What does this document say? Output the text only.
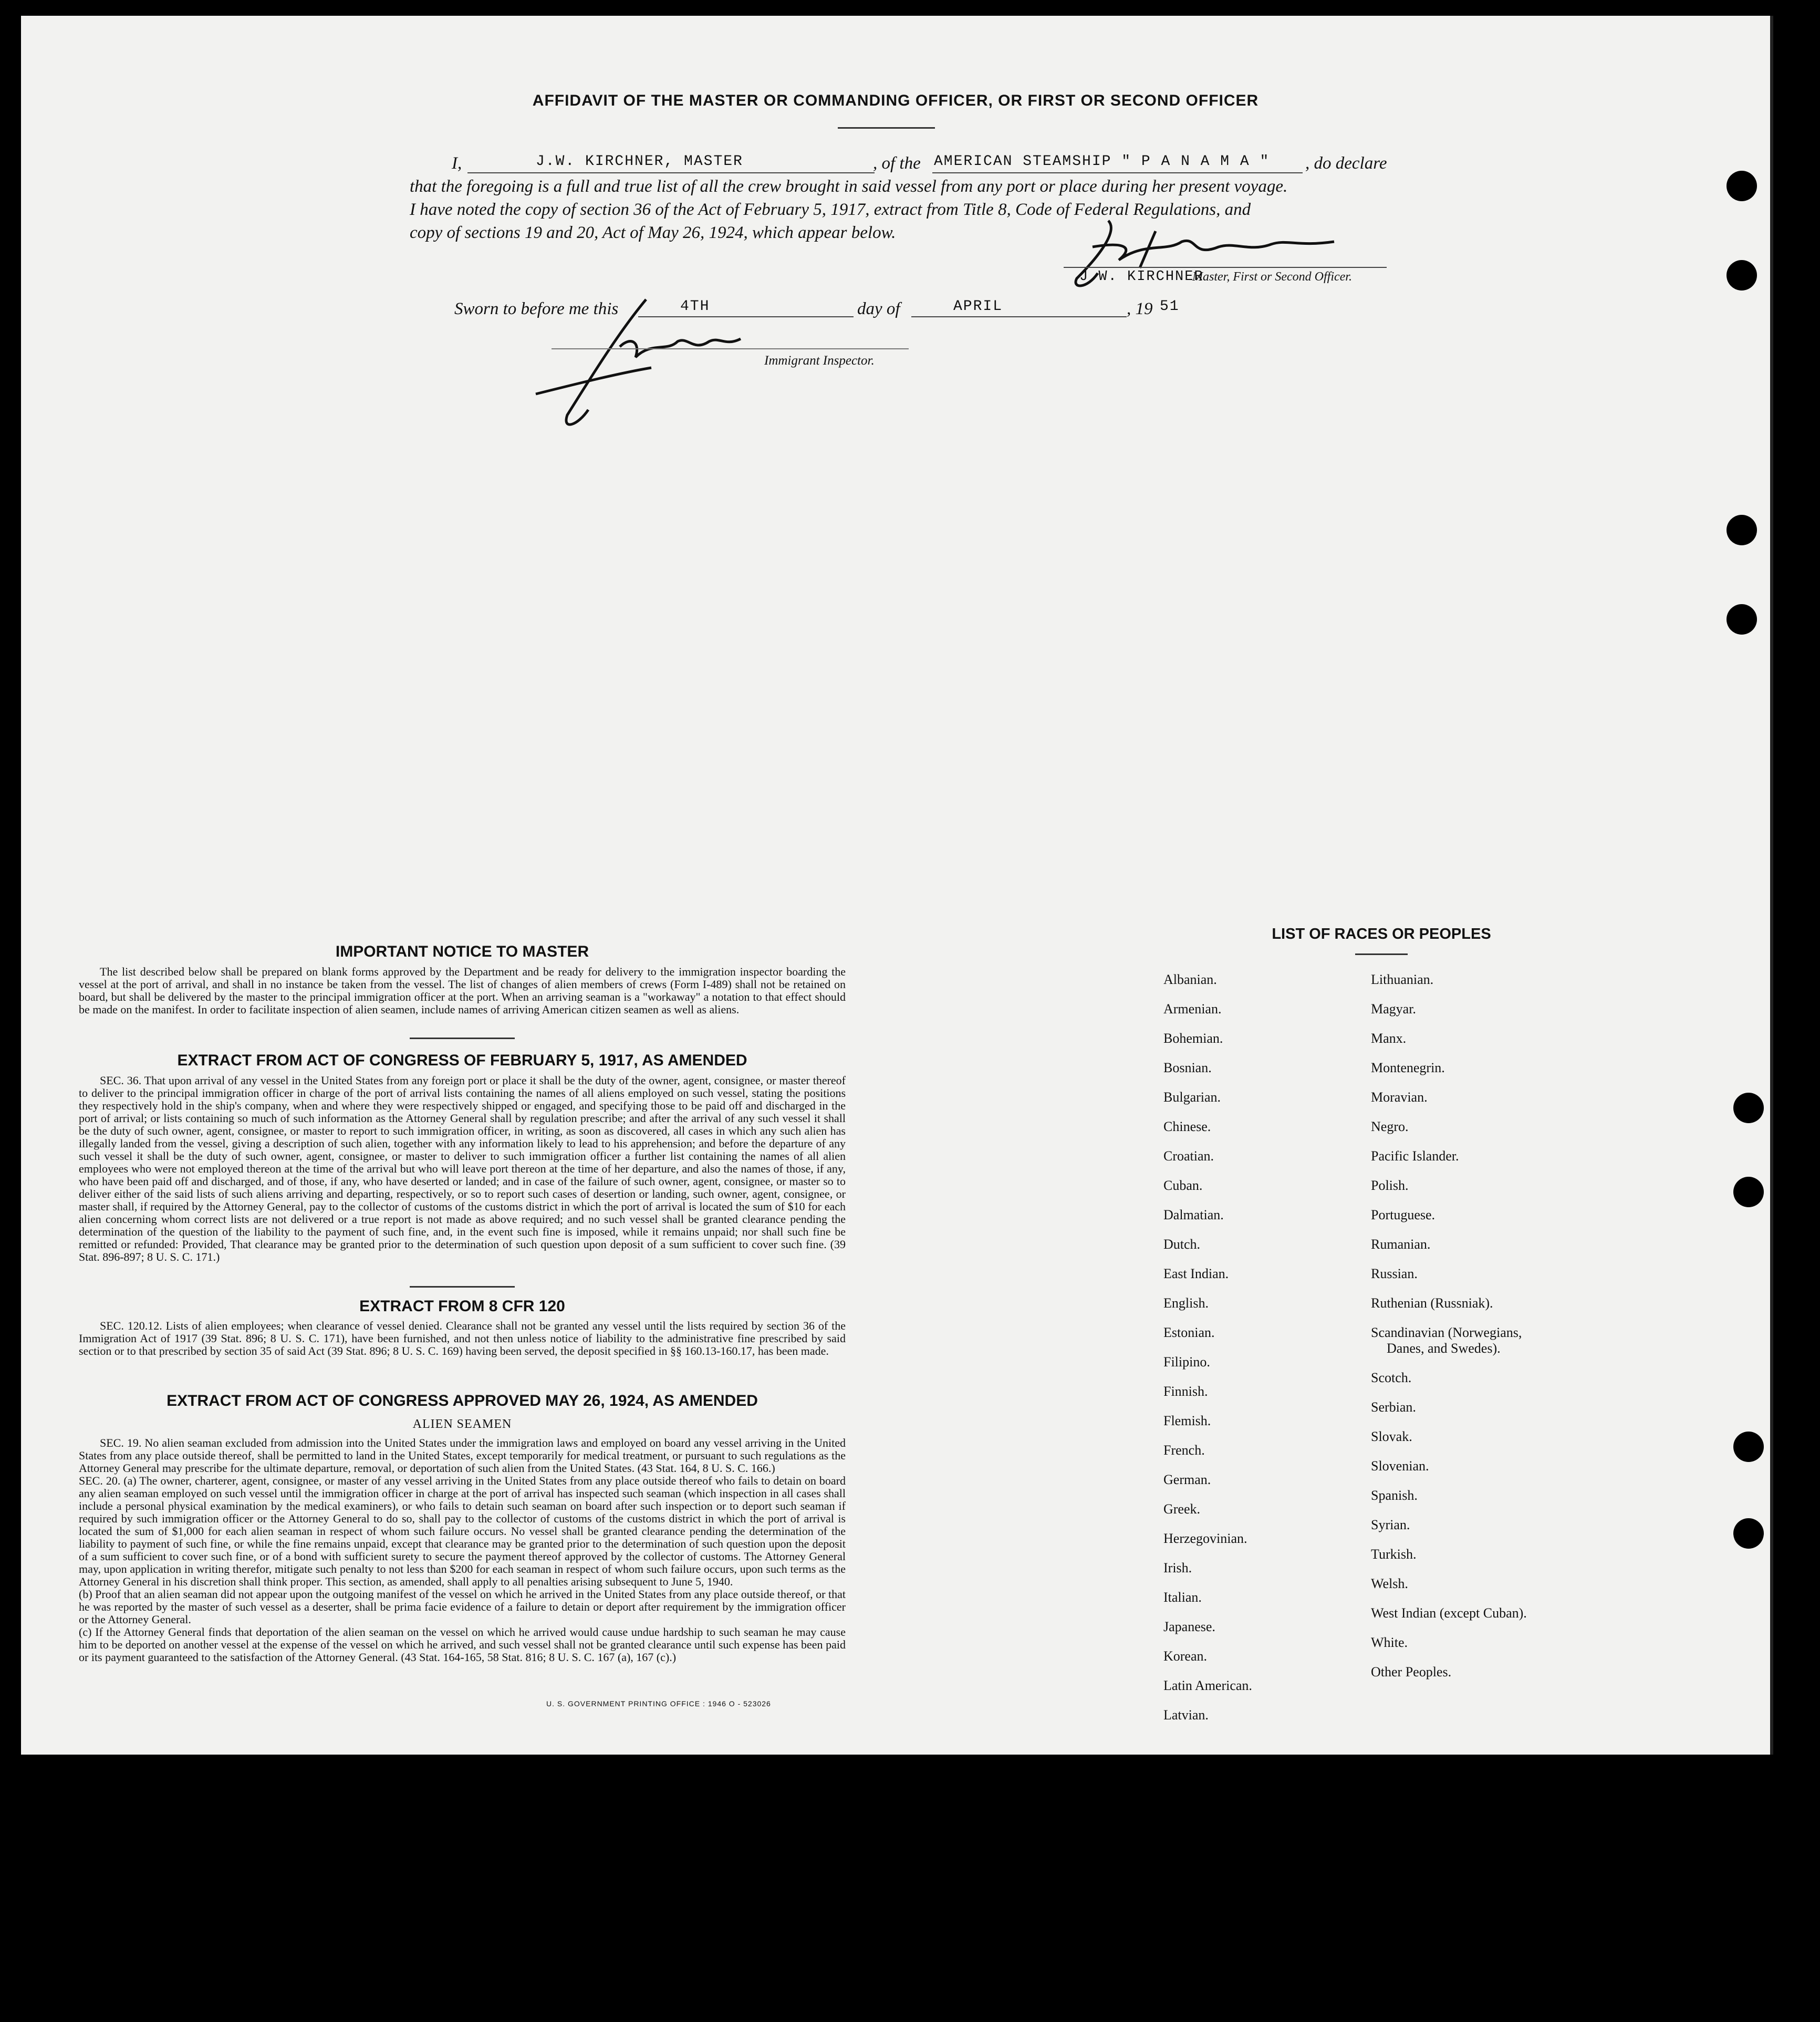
AFFIDAVIT OF THE MASTER OR COMMANDING OFFICER, OR FIRST OR SECOND OFFICER
I,	J.W. KIRCHNER, MASTER	, of the AMERICAN STEAMSHIP " P A N A M A " , do declare
that the foregoing is a full and true list of all the crew brought in said vessel from any port or place during her present voyage.
I have noted the copy of section 36 of the Act of February 5, 1917, extract from Title 8, Code of Federal Regulations, and
copy of sections 19 and 20, Act of May 26, 1924, which appear below.
J.W. KIRCHNER
Master, First or Second Officer.
Sworn to before me this	4TH	day of	APRIL	, 19 51
Immigrant Inspector.
IMPORTANT NOTICE TO MASTER
The list described below shall be prepared on blank forms approved by the Department and be ready for delivery to the immigration inspector boarding the vessel at the port of arrival, and shall in no instance be taken from the vessel. The list of changes of alien members of crews (Form I-489) shall not be retained on board, but shall be delivered by the master to the principal immigration officer at the port. When an arriving seaman is a "workaway" a notation to that effect should be made on the manifest. In order to facilitate inspection of alien seamen, include names of arriving American citizen seamen as well as aliens.
EXTRACT FROM ACT OF CONGRESS OF FEBRUARY 5, 1917, AS AMENDED
SEC. 36. That upon arrival of any vessel in the United States from any foreign port or place it shall be the duty of the owner, agent, consignee, or master thereof to deliver to the principal immigration officer in charge of the port of arrival lists containing the names of all aliens employed on such vessel, stating the positions they respectively hold in the ship's company, when and where they were respectively shipped or engaged, and specifying those to be paid off and discharged in the port of arrival; or lists containing so much of such information as the Attorney General shall by regulation prescribe; and after the arrival of any such vessel it shall be the duty of such owner, agent, consignee, or master to report to such immigration officer, in writing, as soon as discovered, all cases in which any such alien has illegally landed from the vessel, giving a description of such alien, together with any information likely to lead to his apprehension; and before the departure of any such vessel it shall be the duty of such owner, agent, consignee, or master to deliver to such immigration officer a further list containing the names of all alien employees who were not employed thereon at the time of the arrival but who will leave port thereon at the time of her departure, and also the names of those, if any, who have been paid off and discharged, and of those, if any, who have deserted or landed; and in case of the failure of such owner, agent, consignee, or master so to deliver either of the said lists of such aliens arriving and departing, respectively, or so to report such cases of desertion or landing, such owner, agent, consignee, or master shall, if required by the Attorney General, pay to the collector of customs of the customs district in which the port of arrival is located the sum of $10 for each alien concerning whom correct lists are not delivered or a true report is not made as above required; and no such vessel shall be granted clearance pending the determination of the question of the liability to the payment of such fine, and, in the event such fine is imposed, while it remains unpaid; nor shall such fine be remitted or refunded: Provided, That clearance may be granted prior to the determination of such question upon deposit of a sum sufficient to cover such fine. (39 Stat. 896-897; 8 U. S. C. 171.)
EXTRACT FROM 8 CFR 120
SEC. 120.12. Lists of alien employees; when clearance of vessel denied. Clearance shall not be granted any vessel until the lists required by section 36 of the Immigration Act of 1917 (39 Stat. 896; 8 U. S. C. 171), have been furnished, and not then unless notice of liability to the administrative fine prescribed by said section or to that prescribed by section 35 of said Act (39 Stat. 896; 8 U. S. C. 169) having been served, the deposit specified in §§ 160.13-160.17, has been made.
EXTRACT FROM ACT OF CONGRESS APPROVED MAY 26, 1924, AS AMENDED
ALIEN SEAMEN
SEC. 19. No alien seaman excluded from admission into the United States under the immigration laws and employed on board any vessel arriving in the United States from any place outside thereof, shall be permitted to land in the United States, except temporarily for medical treatment, or pursuant to such regulations as the Attorney General may prescribe for the ultimate departure, removal, or deportation of such alien from the United States. (43 Stat. 164, 8 U. S. C. 166.)
SEC. 20. (a) The owner, charterer, agent, consignee, or master of any vessel arriving in the United States from any place outside thereof who fails to detain on board any alien seaman employed on such vessel until the immigration officer in charge at the port of arrival has inspected such seaman (which inspection in all cases shall include a personal physical examination by the medical examiners), or who fails to detain such seaman on board after such inspection or to deport such seaman if required by such immigration officer or the Attorney General to do so, shall pay to the collector of customs of the customs district in which the port of arrival is located the sum of $1,000 for each alien seaman in respect of whom such failure occurs. No vessel shall be granted clearance pending the determination of the liability to payment of such fine, or while the fine remains unpaid, except that clearance may be granted prior to the determination of such question upon the deposit of a sum sufficient to cover such fine, or of a bond with sufficient surety to secure the payment thereof approved by the collector of customs. The Attorney General may, upon application in writing therefor, mitigate such penalty to not less than $200 for each seaman in respect of whom such failure occurs, upon such terms as the Attorney General in his discretion shall think proper. This section, as amended, shall apply to all penalties arising subsequent to June 5, 1940.
(b) Proof that an alien seaman did not appear upon the outgoing manifest of the vessel on which he arrived in the United States from any place outside thereof, or that he was reported by the master of such vessel as a deserter, shall be prima facie evidence of a failure to detain or deport after requirement by the immigration officer or the Attorney General.
(c) If the Attorney General finds that deportation of the alien seaman on the vessel on which he arrived would cause undue hardship to such seaman he may cause him to be deported on another vessel at the expense of the vessel on which he arrived, and such vessel shall not be granted clearance until such expense has been paid or its payment guaranteed to the satisfaction of the Attorney General. (43 Stat. 164-165, 58 Stat. 816; 8 U. S. C. 167 (a), 167 (c).)
U. S. GOVERNMENT PRINTING OFFICE : 1946 O - 523026
LIST OF RACES OR PEOPLES
Albanian.
Armenian.
Bohemian.
Bosnian.
Bulgarian.
Chinese.
Croatian.
Cuban.
Dalmatian.
Dutch.
East Indian.
English.
Estonian.
Filipino.
Finnish.
Flemish.
French.
German.
Greek.
Herzegovinian.
Irish.
Italian.
Japanese.
Korean.
Latin American.
Latvian.
Lithuanian.
Magyar.
Manx.
Montenegrin.
Moravian.
Negro.
Pacific Islander.
Polish.
Portuguese.
Rumanian.
Russian.
Ruthenian (Russniak).
Scandinavian (Norwegians,
Danes, and Swedes).
Scotch.
Serbian.
Slovak.
Slovenian.
Spanish.
Syrian.
Turkish.
Welsh.
West Indian (except Cuban).
White.
Other Peoples.
